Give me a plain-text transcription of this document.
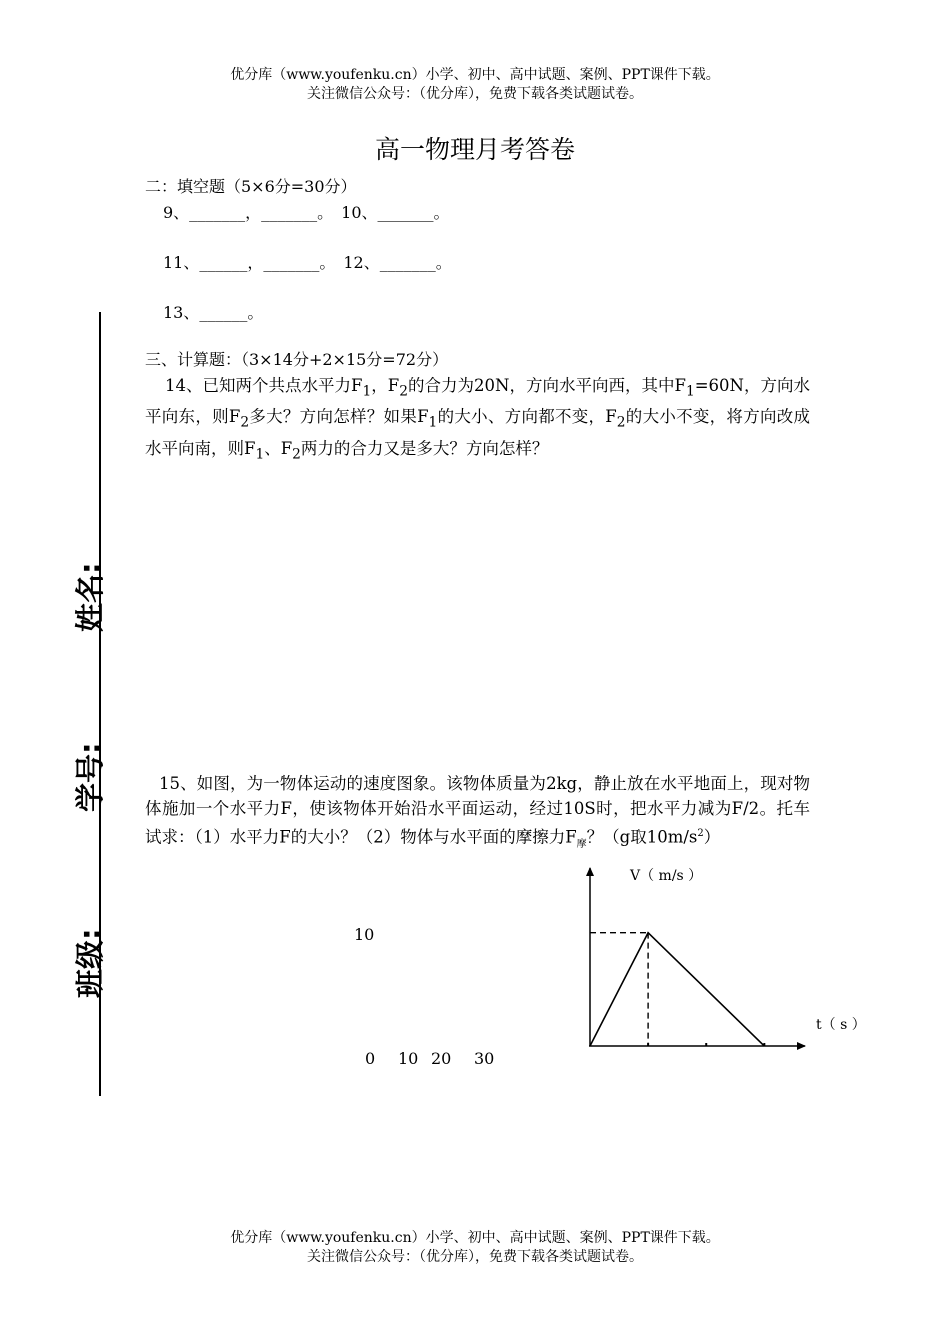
优分库（www.youfenku.cn）小学、初中、高中试题、案例、PPT课件下载。
关注微信公众号：（优分库），免费下载各类试题试卷。
高一物理月考答卷
二：填空题（5×6分=30分）
9、_______，_______。　10、_______。
11、______，_______。　12、_______。
13、______。
三、计算题：（3×14分+2×15分=72分）
14、已知两个共点水平力$F_1$，$F_2$的合力为20N，方向水平向西，其中$F_1=60N$，方向水平向东，则$F_2$多大？方向怎样？如果$F_1$的大小、方向都不变，$F_2$的大小不变，将方向改成水平向南，则$F_1$、$F_2$两力的合力又是多大？方向怎样？
15、如图，为一物体运动的速度图象。该物体质量为2kg，静止放在水平地面上，现对物体施加一个水平力F，使该物体开始沿水平面运动，经过10S时，把水平力减为F/2。托车试求：（1）水平力F的大小？（2）物体与水平面的摩擦力$F_摩$？（g取$10m/s^2$）
姓名:
学号:
班级:	10
0 10 20 30
V（ m/s ）
t（ s ）
优分库（www.youfenku.cn）小学、初中、高中试题、案例、PPT课件下载。
关注微信公众号：（优分库），免费下载各类试题试卷。
